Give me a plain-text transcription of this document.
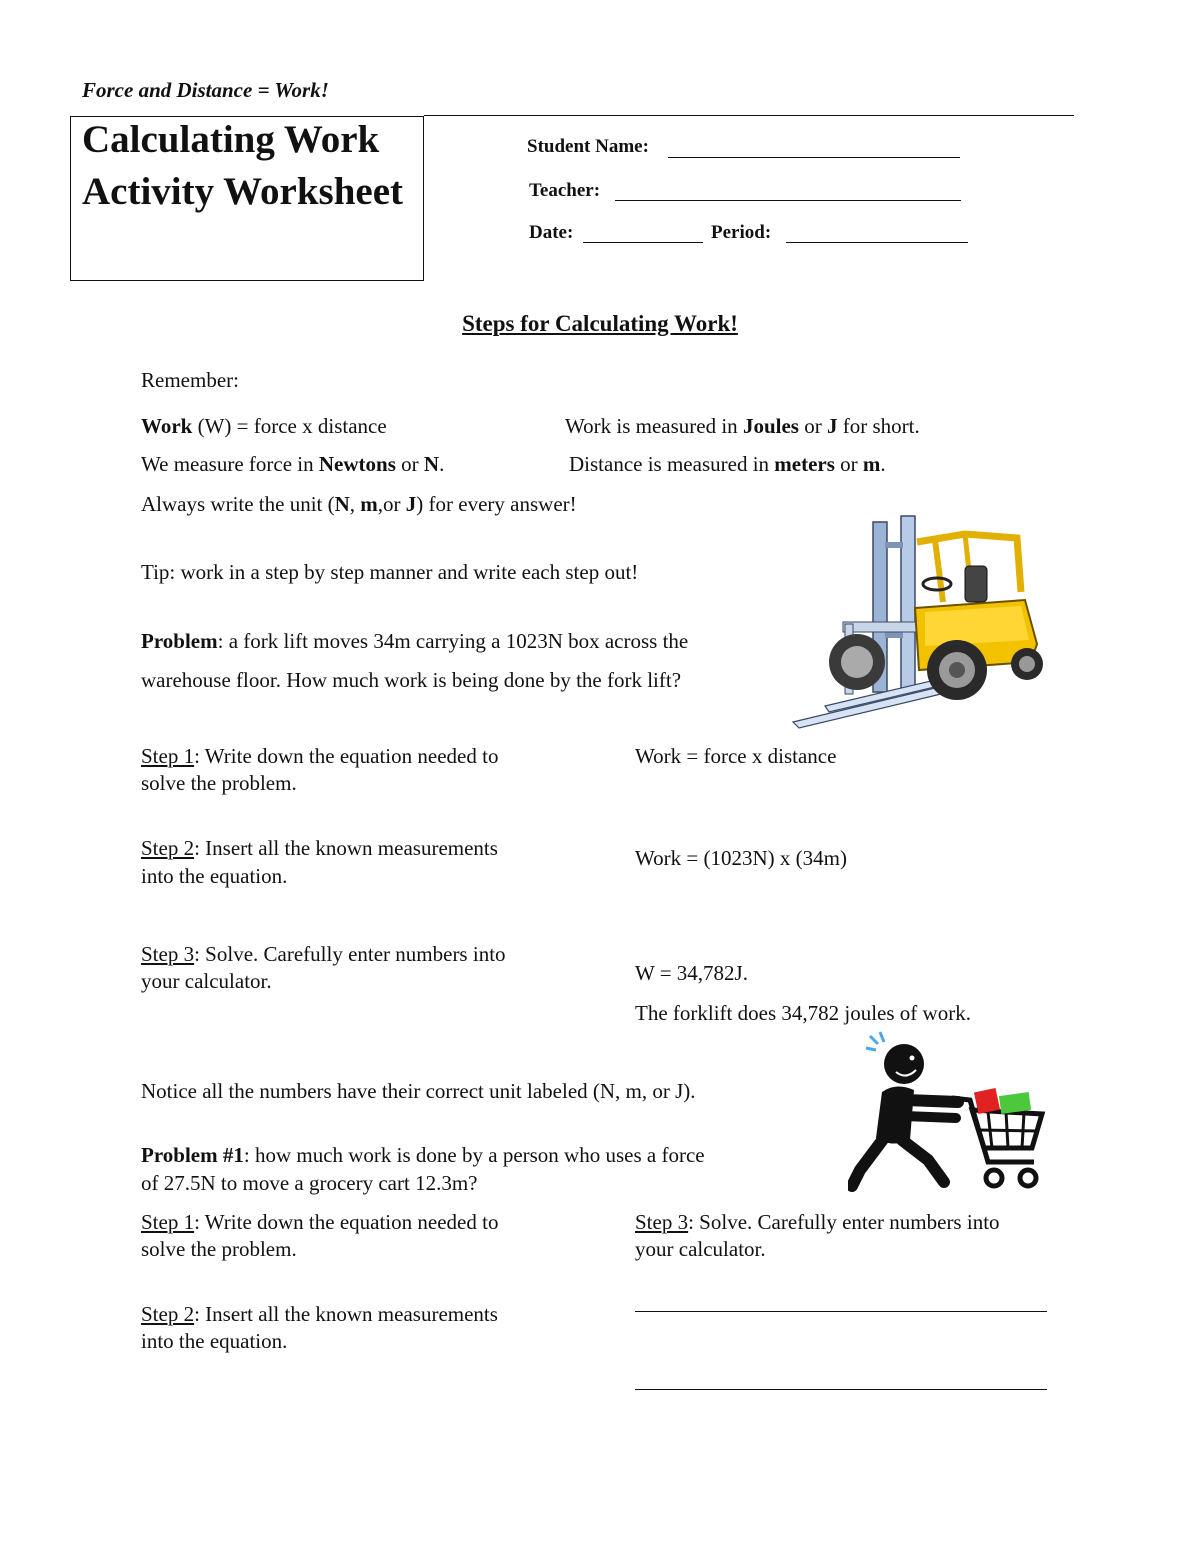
Force and Distance = Work!
Calculating Work
Activity Worksheet
Student Name:
Teacher:
Date:	Period:
Steps for Calculating Work!
Remember:
Work (W) = force x distance	Work is measured in Joules or J for short.
We measure force in Newtons or N.	Distance is measured in meters or m.
Always write the unit (N, m,or J) for every answer!
Tip: work in a step by step manner and write each step out!
Problem: a fork lift moves 34m carrying a 1023N box across the
warehouse floor. How much work is being done by the fork lift?
Step 1: Write down the equation needed to
solve the problem.
Work = force x distance
Step 2: Insert all the known measurements
into the equation.
Work = (1023N) x (34m)
Step 3: Solve. Carefully enter numbers into
your calculator.	W = 34,782J.
The forklift does 34,782 joules of work.
Notice all the numbers have their correct unit labeled (N, m, or J).
Problem #1: how much work is done by a person who uses a force
of 27.5N to move a grocery cart 12.3m?
Step 1: Write down the equation needed to
solve the problem.
Step 2: Insert all the known measurements
into the equation.
Step 3: Solve. Carefully enter numbers into
your calculator.
